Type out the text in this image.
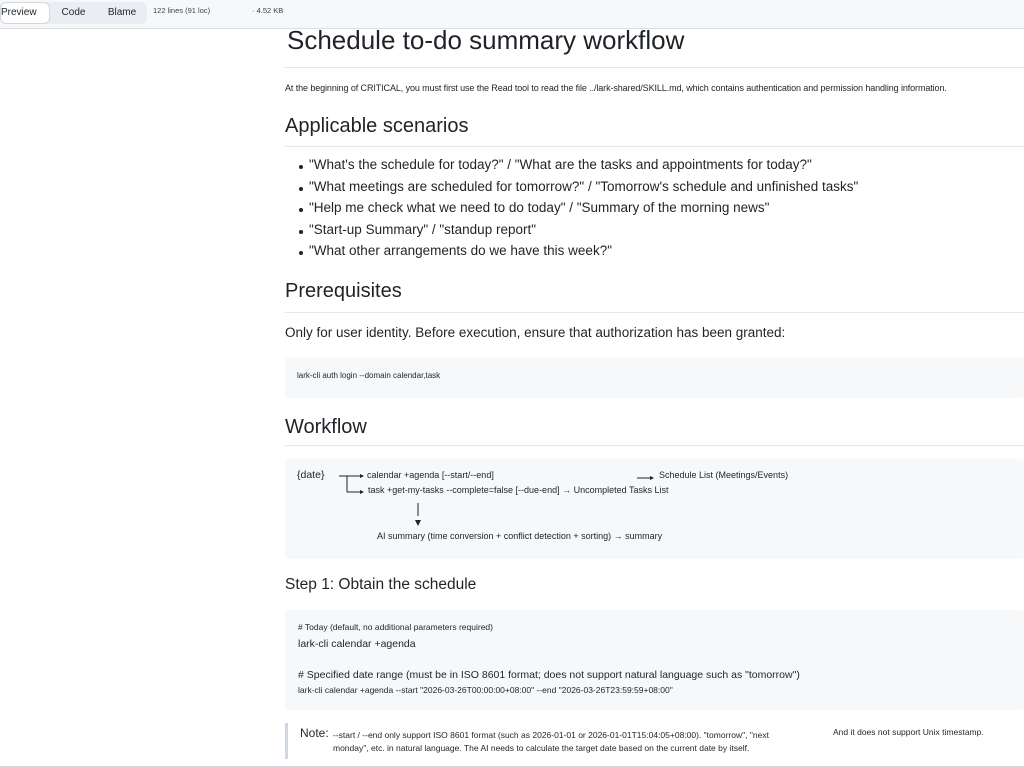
Preview	Code	Blame	122 lines (91 loc)	· 4.52 KB
Schedule to-do summary workflow
At the beginning of CRITICAL, you must first use the Read tool to read the file ../lark-shared/SKILL.md, which contains authentication and permission handling information.
Applicable scenarios
"What's the schedule for today?" / "What are the tasks and appointments for today?"
"What meetings are scheduled for tomorrow?" / "Tomorrow's schedule and unfinished tasks"
"Help me check what we need to do today" / "Summary of the morning news"
"Start-up Summary" / "standup report"
"What other arrangements do we have this week?"
Prerequisites
Only for user identity. Before execution, ensure that authorization has been granted:
lark-cli auth login --domain calendar,task
Workflow
{date}	calendar +agenda [--start/--end]	Schedule List (Meetings/Events)
task +get-my-tasks --complete=false [--due-end] → Uncompleted Tasks List
AI summary (time conversion + conflict detection + sorting) → summary
Step 1: Obtain the schedule
# Today (default, no additional parameters required)
lark-cli calendar +agenda
# Specified date range (must be in ISO 8601 format; does not support natural language such as "tomorrow")
lark-cli calendar +agenda --start "2026-03-26T00:00:00+08:00" --end "2026-03-26T23:59:59+08:00"
Note: --start / --end only support ISO 8601 format (such as 2026-01-01 or 2026-01-01T15:04:05+08:00). "tomorrow", "next monday", etc. in natural language. The AI needs to calculate the target date based on the current date by itself.
And it does not support Unix timestamp.
